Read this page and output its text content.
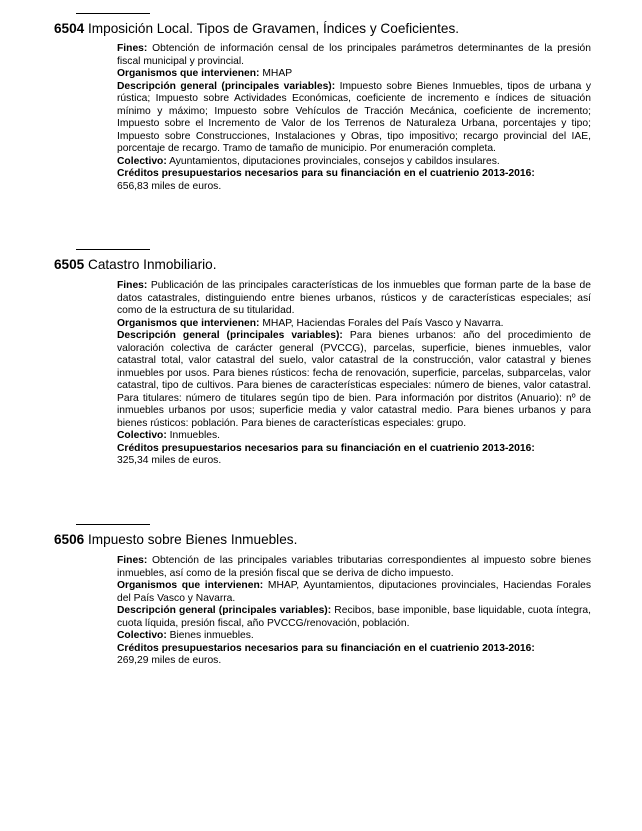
6504 Imposición Local. Tipos de Gravamen, Índices y Coeficientes.

Fines: Obtención de información censal de los principales parámetros determinantes de la presión fiscal municipal y provincial.

Organismos que intervienen: MHAP

Descripción general (principales variables): Impuesto sobre Bienes Inmuebles, tipos de urbana y rústica; Impuesto sobre Actividades Económicas, coeficiente de incremento e índices de situación mínimo y máximo; Impuesto sobre Vehículos de Tracción Mecánica, coeficiente de incremento; Impuesto sobre el Incremento de Valor de los Terrenos de Naturaleza Urbana, porcentajes y tipo; Impuesto sobre Construcciones, Instalaciones y Obras, tipo impositivo; recargo provincial del IAE, porcentaje de recargo. Tramo de tamaño de municipio. Por enumeración completa.

Colectivo: Ayuntamientos, diputaciones provinciales, consejos y cabildos insulares.

Créditos presupuestarios necesarios para su financiación en el cuatrienio 2013-2016:

656,83 miles de euros.

6505 Catastro Inmobiliario.

Fines: Publicación de las principales características de los inmuebles que forman parte de la base de datos catastrales, distinguiendo entre bienes urbanos, rústicos y de características especiales; así como de la estructura de su titularidad.

Organismos que intervienen: MHAP, Haciendas Forales del País Vasco y Navarra.

Descripción general (principales variables): Para bienes urbanos: año del procedimiento de valoración colectiva de carácter general (PVCCG), parcelas, superficie, bienes inmuebles, valor catastral total, valor catastral del suelo, valor catastral de la construcción, valor catastral y bienes inmuebles por usos. Para bienes rústicos: fecha de renovación, superficie, parcelas, subparcelas, valor catastral, tipo de cultivos. Para bienes de características especiales: número de bienes, valor catastral. Para titulares: número de titulares según tipo de bien. Para información por distritos (Anuario): nº de inmuebles urbanos por usos; superficie media y valor catastral medio. Para bienes urbanos y para bienes rústicos: población. Para bienes de características especiales: grupo.

Colectivo: Inmuebles.

Créditos presupuestarios necesarios para su financiación en el cuatrienio 2013-2016:

325,34 miles de euros.

6506 Impuesto sobre Bienes Inmuebles.

Fines: Obtención de las principales variables tributarias correspondientes al impuesto sobre bienes inmuebles, así como de la presión fiscal que se deriva de dicho impuesto.

Organismos que intervienen: MHAP, Ayuntamientos, diputaciones provinciales, Haciendas Forales del País Vasco y Navarra.

Descripción general (principales variables): Recibos, base imponible, base liquidable, cuota íntegra, cuota líquida, presión fiscal, año PVCCG/renovación, población.

Colectivo: Bienes inmuebles.

Créditos presupuestarios necesarios para su financiación en el cuatrienio 2013-2016:

269,29 miles de euros.
